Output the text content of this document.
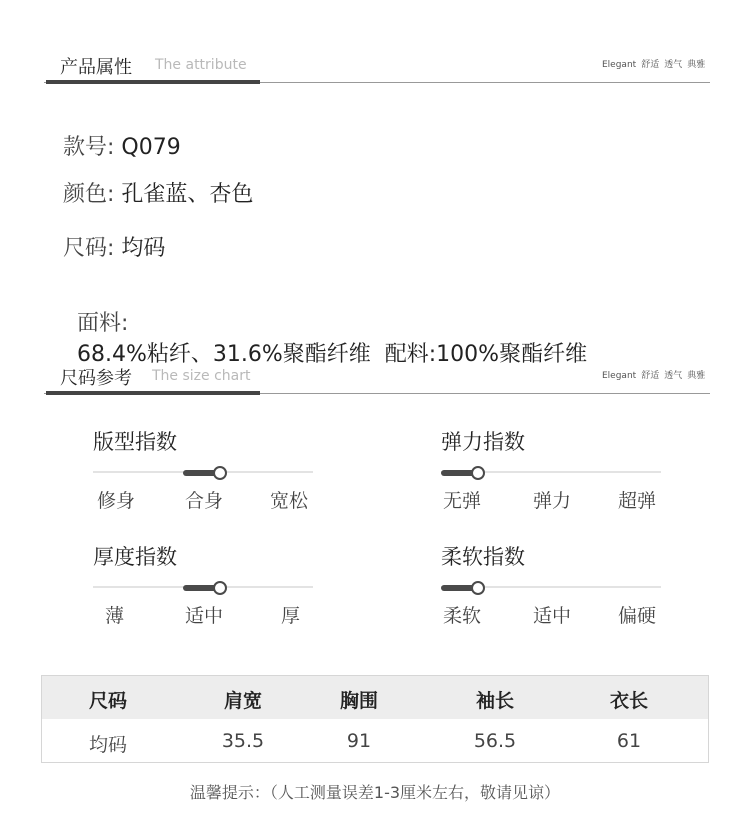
产品属性 The attribute	Elegant 舒适 透气 典雅
款号: Q079
颜色: 孔雀蓝、杏色
尺码: 均码

面料:
68.4%粘纤、31.6%聚酯纤维  配料:100%聚酯纤维

尺码参考 The size chart	Elegant 舒适 透气 典雅
版型指数
修身	合身 宽松
弹力指数
无弹	弹力 超弹
厚度指数
薄	适中	厚
柔软指数
柔软	适中 偏硬
尺码	肩宽	胸围	袖长	衣长
均码	35.5	91	56.5	61
温馨提示：（人工测量误差1-3厘米左右，敬请见谅）
